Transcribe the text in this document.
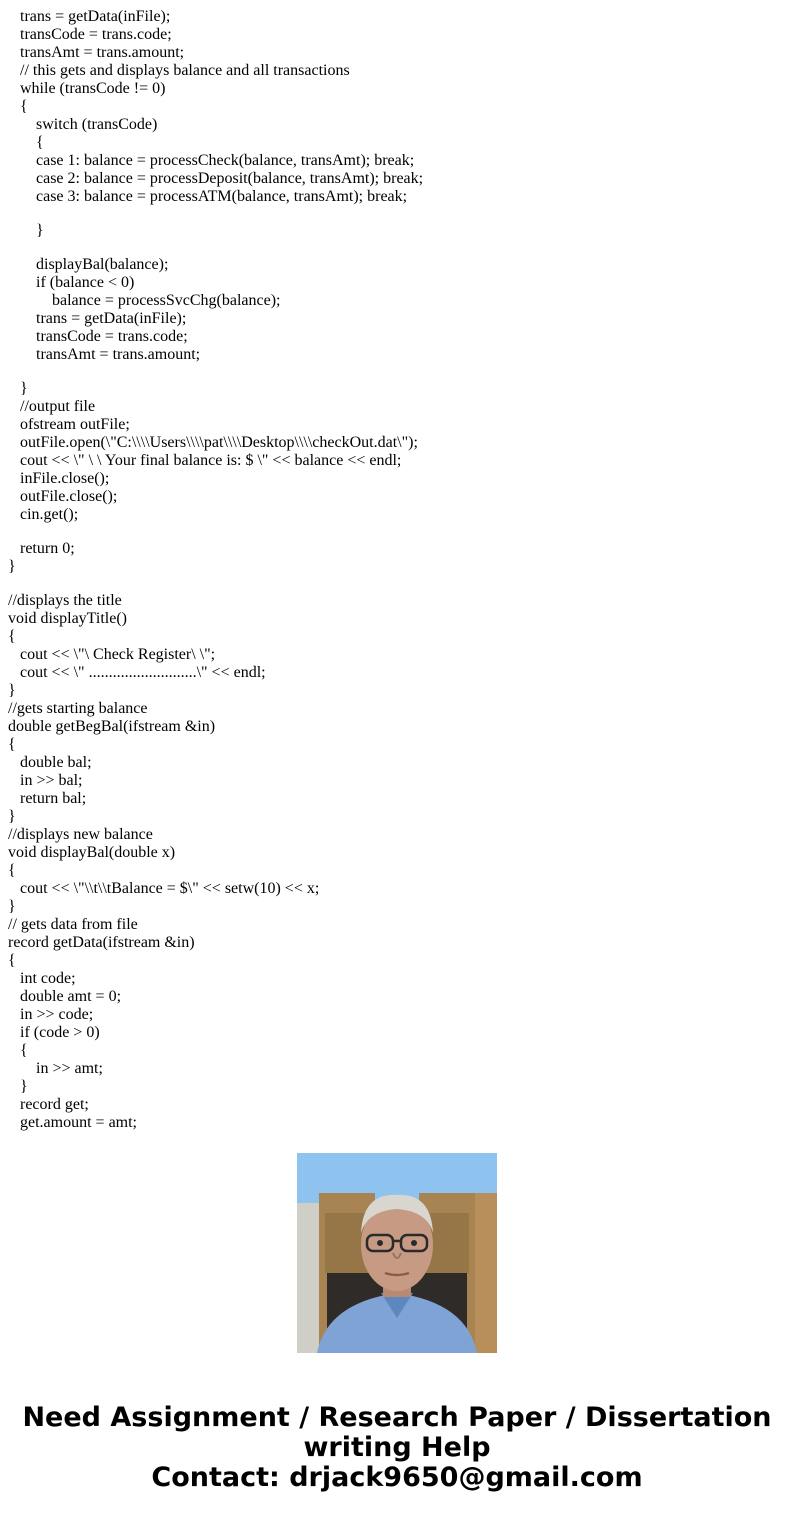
trans = getData(inFile);
transCode = trans.code;
transAmt = trans.amount;
// this gets and displays balance and all transactions
while (transCode != 0)
{
switch (transCode)
{
case 1: balance = processCheck(balance, transAmt); break;
case 2: balance = processDeposit(balance, transAmt); break;
case 3: balance = processATM(balance, transAmt); break;
}
displayBal(balance);
if (balance < 0)
balance = processSvcChg(balance);
trans = getData(inFile);
transCode = trans.code;
transAmt = trans.amount;
}
//output file
ofstream outFile;
outFile.open(\"C:\\\\Users\\\\pat\\\\Desktop\\\\checkOut.dat\");
cout << \" \ \ Your final balance is: $ \" << balance << endl;
inFile.close();
outFile.close();
cin.get();
return 0;
}
//displays the title
void displayTitle()
{
cout << \"\ Check Register\ \";
cout << \" ...........................\" << endl;
}
//gets starting balance
double getBegBal(ifstream &in)
{
double bal;
in >> bal;
return bal;
}
//displays new balance
void displayBal(double x)
{
cout << \"\\t\\tBalance = $\" << setw(10) << x;
}
// gets data from file
record getData(ifstream &in)
{
int code;
double amt = 0;
in >> code;
if (code > 0)
{
in >> amt;
}
record get;
get.amount = amt;
Need Assignment / Research Paper / Dissertation
writing Help
Contact: drjack9650@gmail.com
